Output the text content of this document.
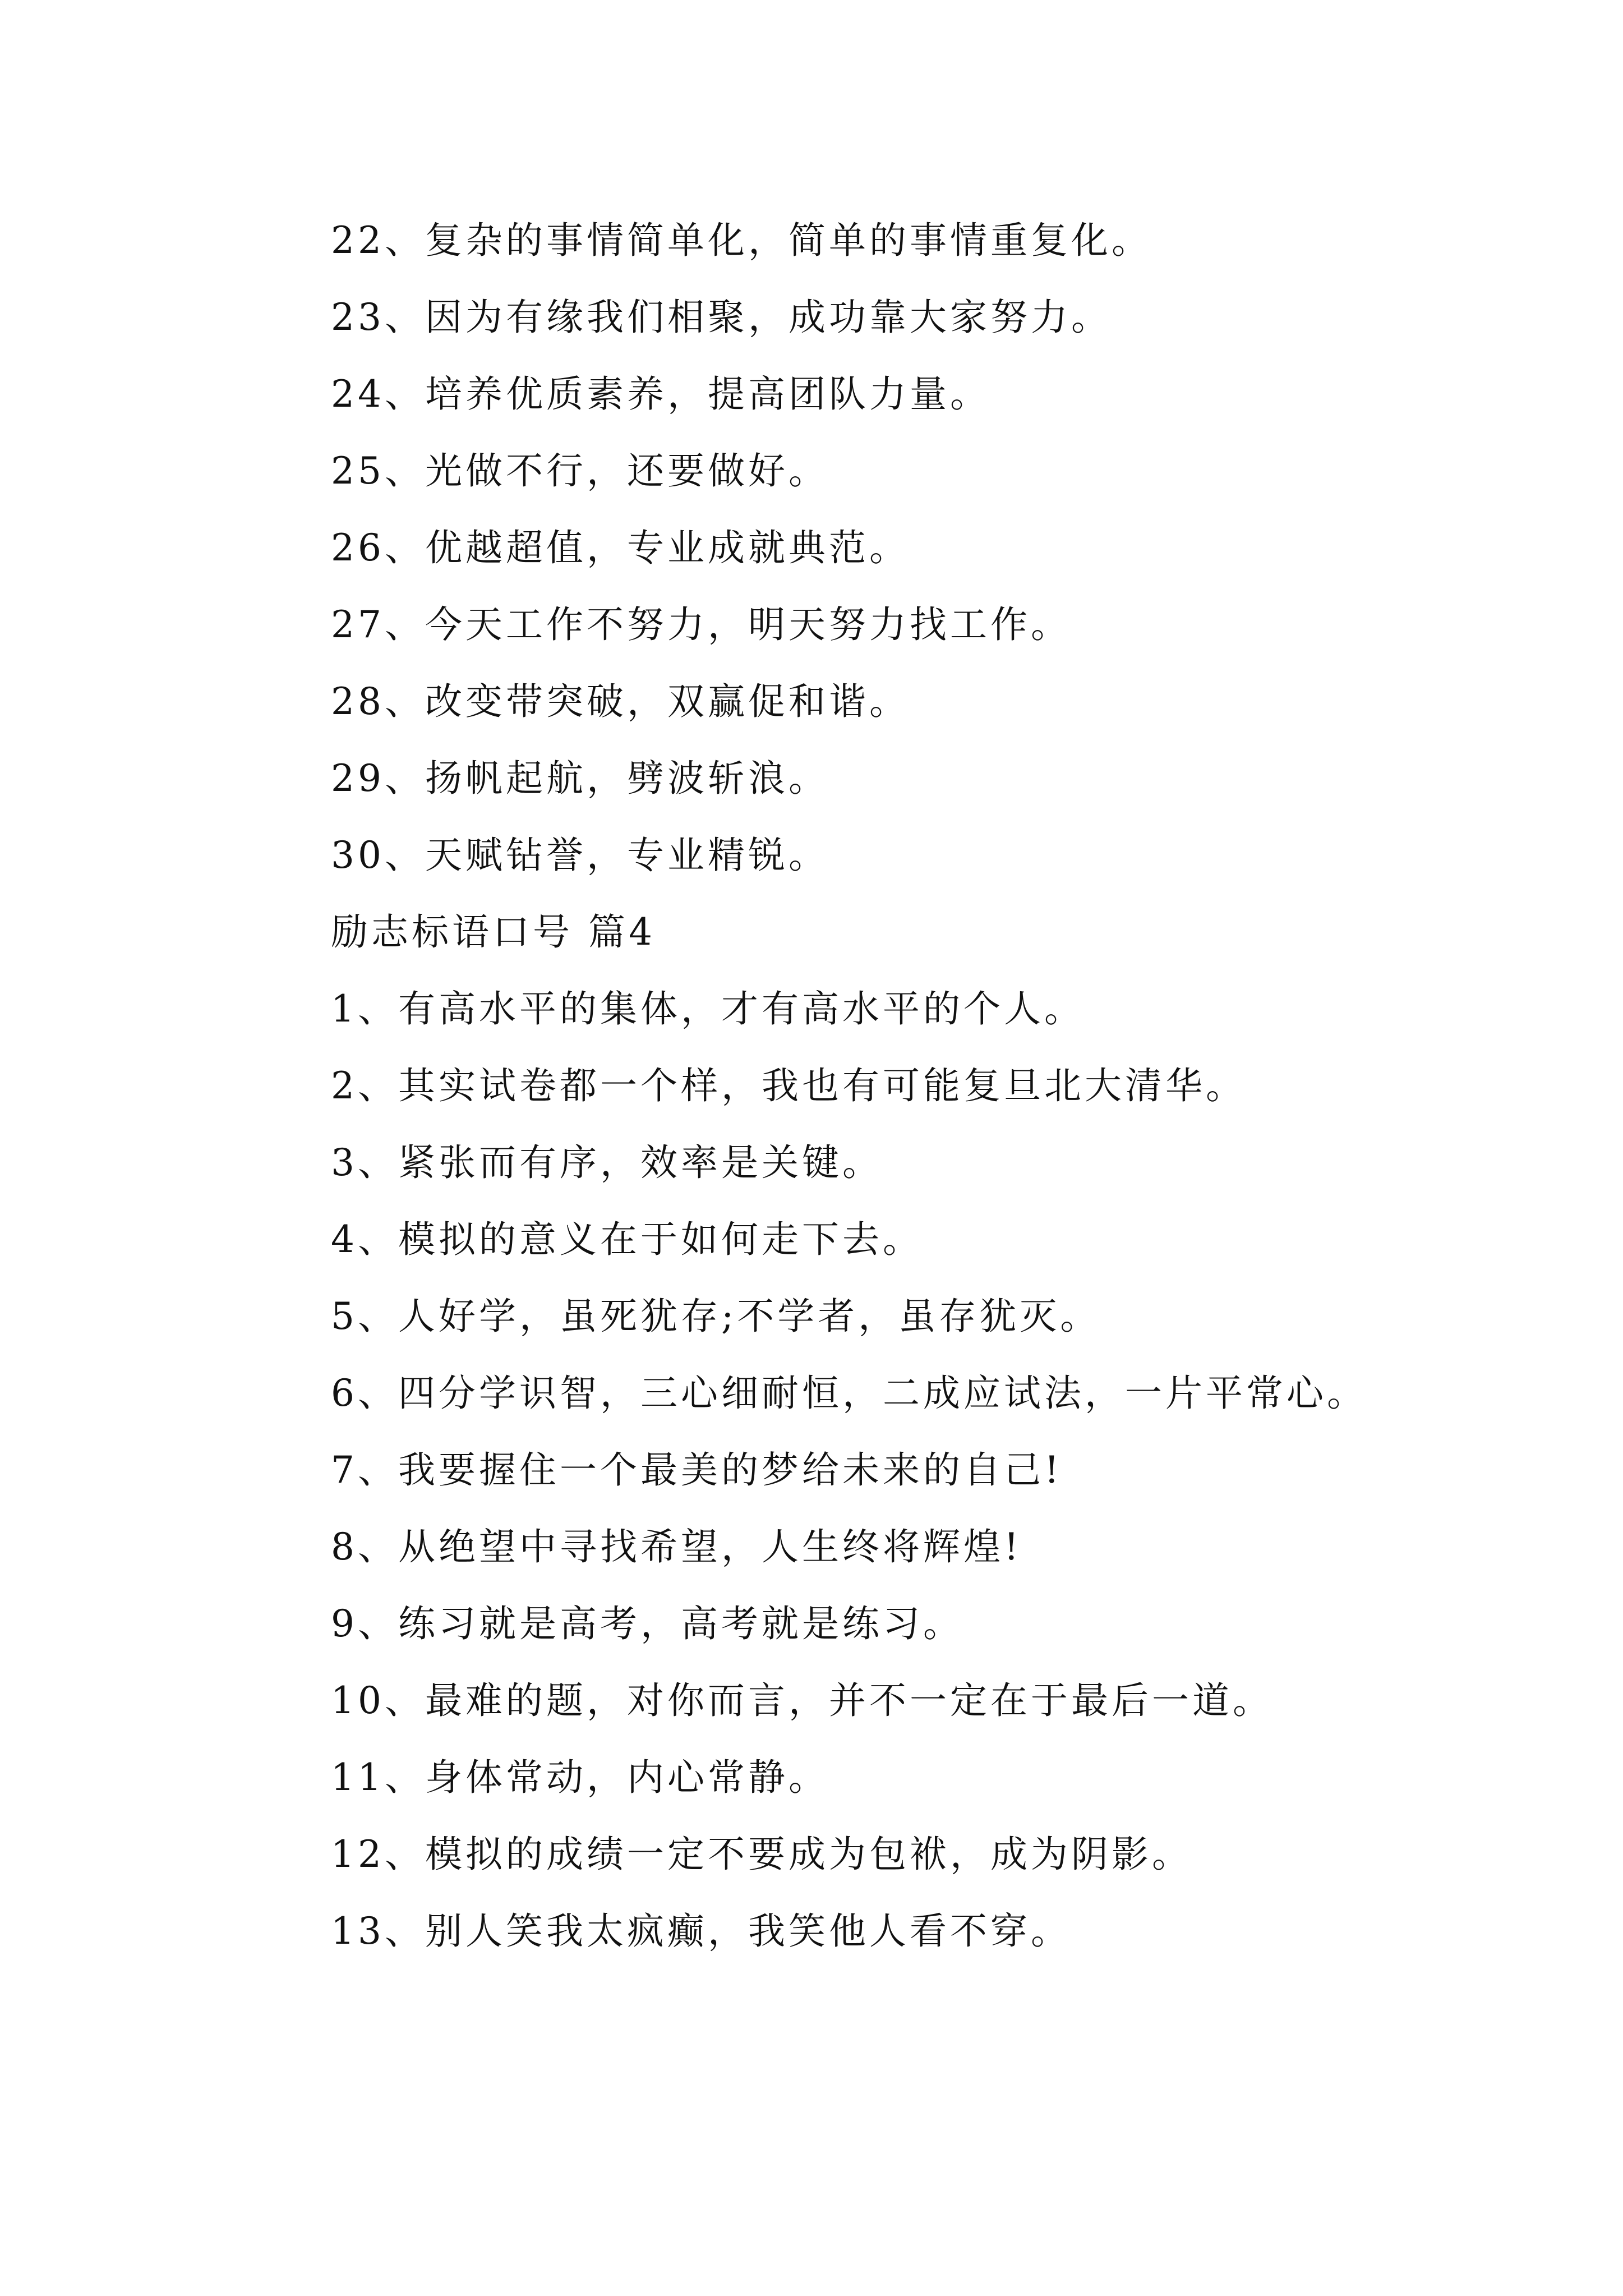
22、复杂的事情简单化，简单的事情重复化。
23、因为有缘我们相聚，成功靠大家努力。
24、培养优质素养，提高团队力量。
25、光做不行，还要做好。
26、优越超值，专业成就典范。
27、今天工作不努力，明天努力找工作。
28、改变带突破，双赢促和谐。
29、扬帆起航，劈波斩浪。
30、天赋钻誉，专业精锐。
励志标语口号 篇4
1、有高水平的集体，才有高水平的个人。
2、其实试卷都一个样，我也有可能复旦北大清华。
3、紧张而有序，效率是关键。
4、模拟的意义在于如何走下去。
5、人好学，虽死犹存;不学者，虽存犹灭。
6、四分学识智，三心细耐恒，二成应试法，一片平常心。
7、我要握住一个最美的梦给未来的自己!
8、从绝望中寻找希望，人生终将辉煌!
9、练习就是高考，高考就是练习。
10、最难的题，对你而言，并不一定在于最后一道。
11、身体常动，内心常静。
12、模拟的成绩一定不要成为包袱，成为阴影。
13、别人笑我太疯癫，我笑他人看不穿。
